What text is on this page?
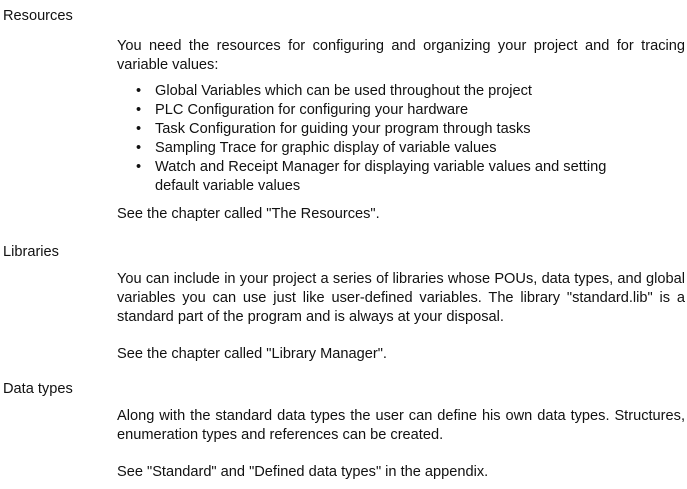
Resources

You need the resources for configuring and organizing your project and for tracing variable values:

• Global Variables which can be used throughout the project
• PLC Configuration for configuring your hardware
• Task Configuration for guiding your program through tasks
• Sampling Trace for graphic display of variable values
• Watch and Receipt Manager for displaying variable values and setting default variable values

See the chapter called "The Resources".

Libraries

You can include in your project a series of libraries whose POUs, data types, and global variables you can use just like user-defined variables. The library "standard.lib" is a standard part of the program and is always at your disposal.

See the chapter called "Library Manager".

Data types

Along with the standard data types the user can define his own data types. Structures, enumeration types and references can be created.

See "Standard" and "Defined data types" in the appendix.
